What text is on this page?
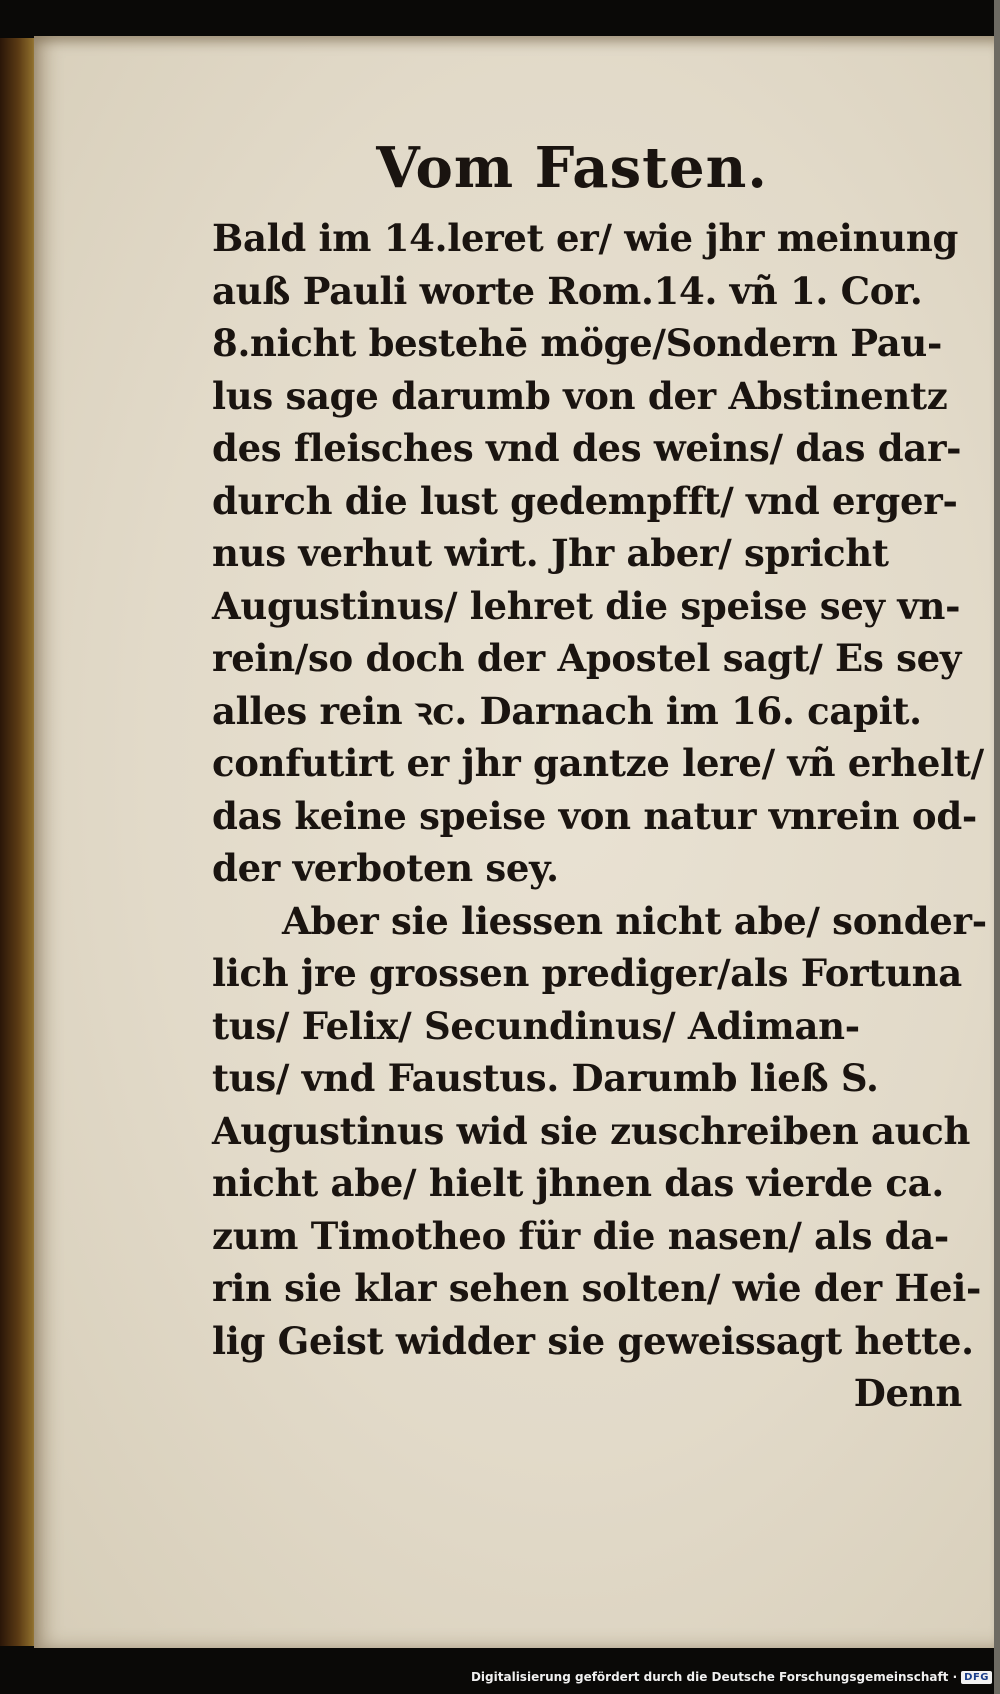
Vom Fasten.
Bald im 14.leret er/ wie jhr meinung
auß Pauli worte Rom.14. vñ 1. Cor.
8.nicht bestehē möge/Sondern Pau-
lus sage darumb von der Abstinentz
des fleisches vnd des weins/ das dar-
durch die lust gedempfft/ vnd erger-
nus verhut wirt. Jhr aber/ spricht
Augustinus/ lehret die speise sey vn-
rein/so doch der Apostel sagt/ Es sey
alles rein ꝛc. Darnach im 16. capit.
confutirt er jhr gantze lere/ vñ erhelt/
das keine speise von natur vnrein od-
der verboten sey.
Aber sie liessen nicht abe/ sonder-
lich jre grossen prediger/als Fortuna
tus/ Felix/ Secundinus/ Adiman-
tus/ vnd Faustus. Darumb ließ S.
Augustinus wid sie zuschreiben auch
nicht abe/ hielt jhnen das vierde ca.
zum Timotheo für die nasen/ als da-
rin sie klar sehen solten/ wie der Hei-
lig Geist widder sie geweissagt hette.
Denn
Digitalisierung gefördert durch die Deutsche Forschungsgemeinschaft · DFG
